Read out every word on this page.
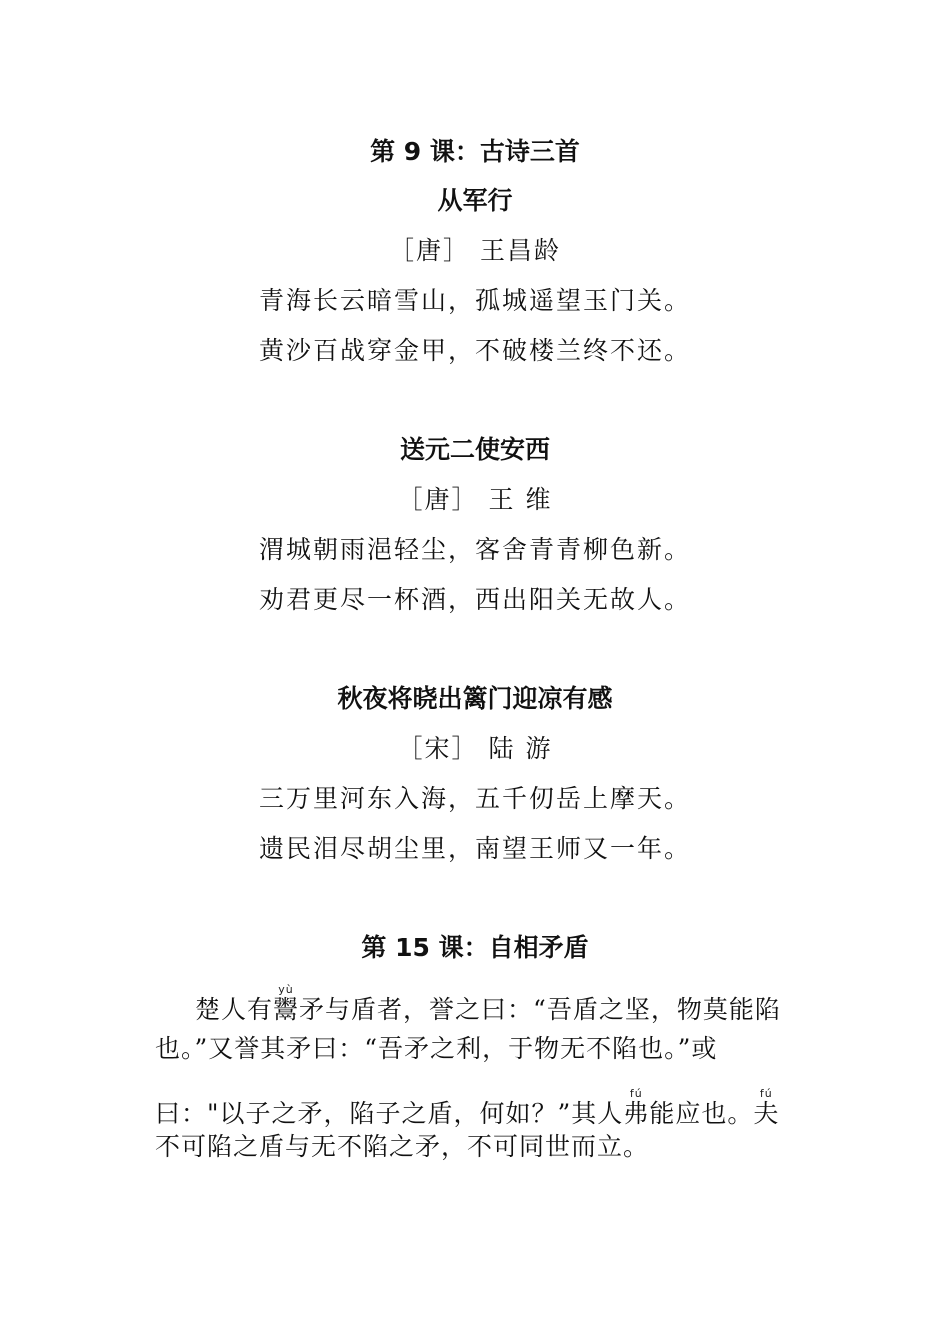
第 9 课：古诗三首
从军行
［唐］ 王昌龄
青海长云暗雪山，孤城遥望玉门关。
黄沙百战穿金甲，不破楼兰终不还。
送元二使安西
［唐］ 王 维
渭城朝雨浥轻尘，客舍青青柳色新。
劝君更尽一杯酒，西出阳关无故人。
秋夜将晓出篱门迎凉有感
［宋］ 陆 游
三万里河东入海，五千仞岳上摩天。
遗民泪尽胡尘里，南望王师又一年。
第 15 课：自相矛盾
楚人有鬻yù矛与盾者，誉之曰：“吾盾之坚，物莫能陷
也。”又誉其矛曰：“吾矛之利，于物无不陷也。”或
曰："以子之矛，陷子之盾，何如？”其人弗fú能应也。夫fú
不可陷之盾与无不陷之矛，不可同世而立。
